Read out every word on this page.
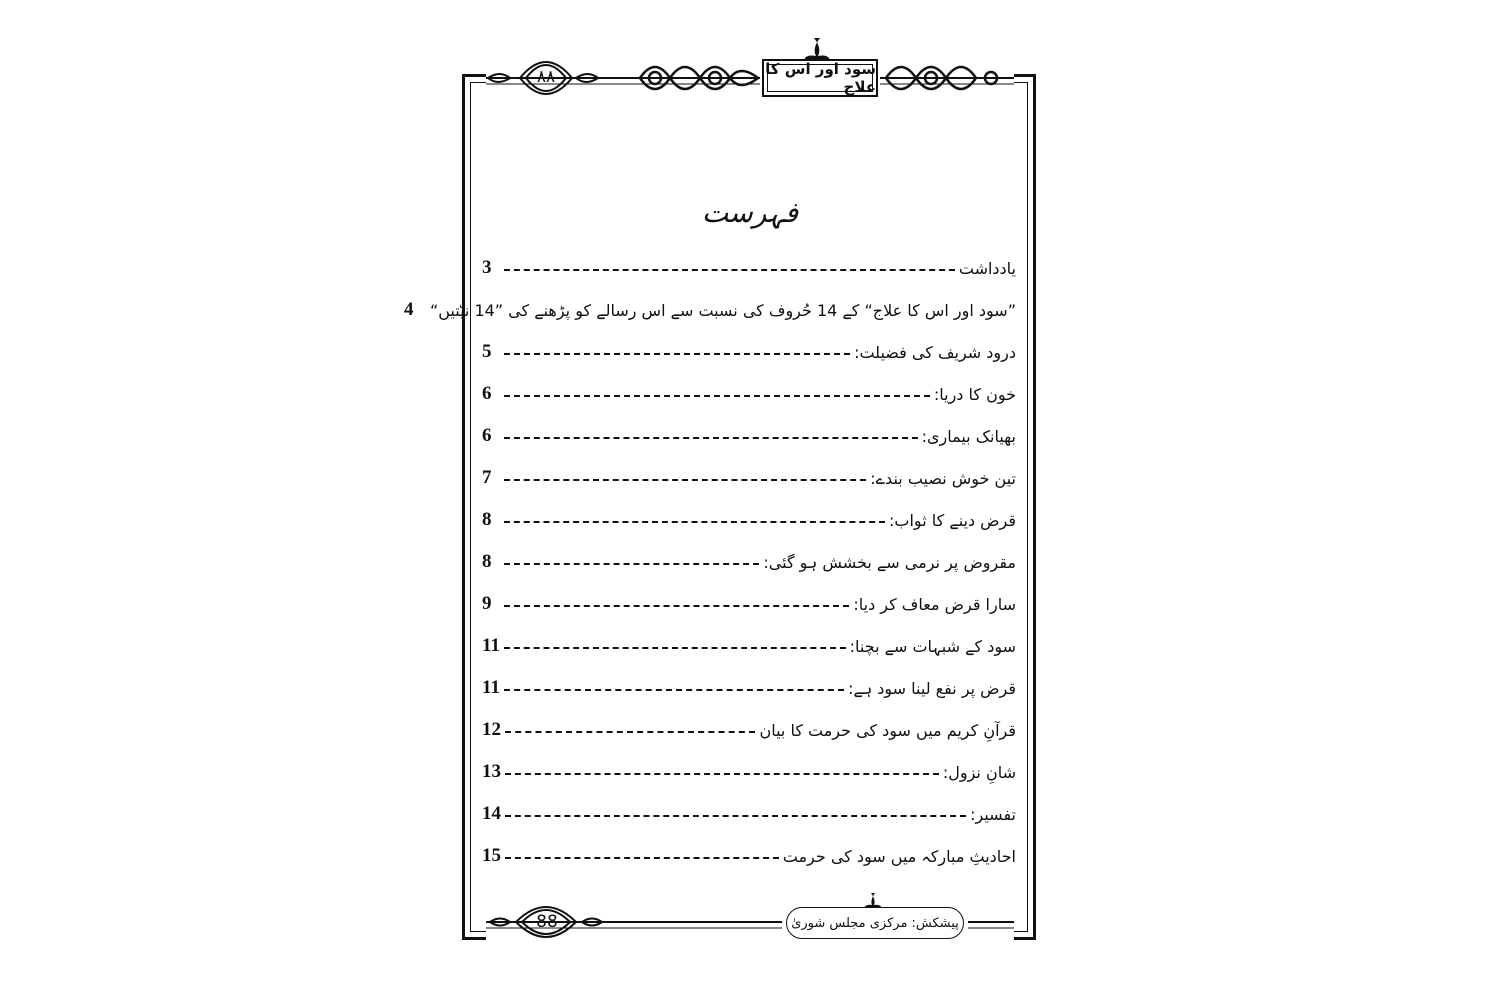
سود اور اس کا علاج
۸۸
فہرست
یادداشت
3
”سود اور اس کا علاج“ کے 14 حُروف کی نسبت سے اس رسالے کو پڑھنے کی ”14 نیّتیں“
4
درود شریف کی فضیلت:
5
خون کا دریا:
6
بھیانک بیماری:
6
تین خوش نصیب بندے:
7
قرض دینے کا ثواب:
8
مقروض پر نرمی سے بخشش ہو گئی:
8
سارا قرض معاف کر دیا:
9
سود کے شبہات سے بچنا:
11
قرض پر نفع لینا سود ہے:
11
قرآنِ کریم میں سود کی حرمت کا بیان
12
شانِ نزول:
13
تفسیر:
14
احادیثِ مبارکہ میں سود کی حرمت
15
88	پیشکش: مرکزی مجلس شوریٰ
